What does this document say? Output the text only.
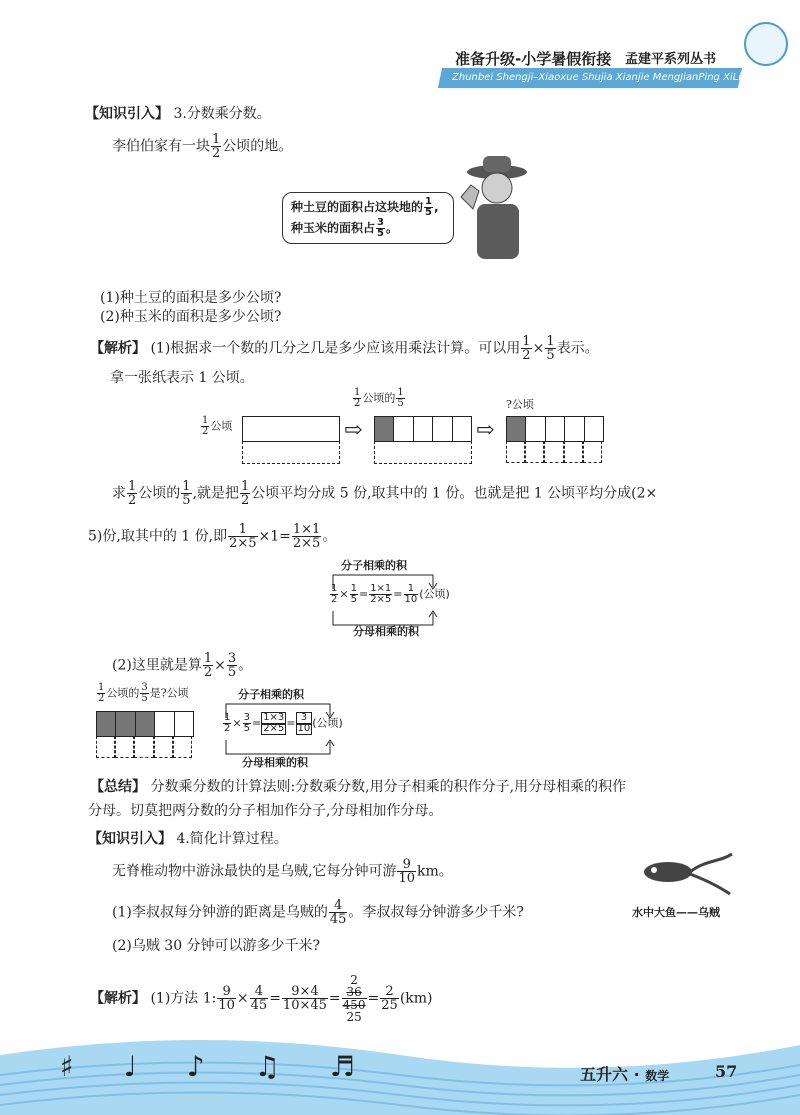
准备升级-小学暑假衔接 孟建平系列丛书
Zhunbei Shengji–Xiaoxue Shujia Xianjie MengJianPing XiLie Congshu
【知识引入】 3.分数乘分数。
李伯伯家有一块 $\frac{1}{2}$ 公顷的地。
种土豆的面积占这块地的 $\frac{1}{5}$ ,
种玉米的面积占 $\frac{3}{5}$ 。
(1)种土豆的面积是多少公顷?
(2)种玉米的面积是多少公顷?
【解析】 (1)根据求一个数的几分之几是多少应该用乘法计算。可以用 $\frac{1}{2} \times \frac{1}{5}$ 表示。
拿一张纸表示 1 公顷。
$\frac{1}{2}$ 公顷	⇨
$\frac{1}{2}$ 公顷的 $\frac{1}{5}$
⇨
?公顷
求 $\frac{1}{2}$ 公顷的 $\frac{1}{5}$ ,就是把 $\frac{1}{2}$ 公顷平均分成 5 份,取其中的 1 份。也就是把 1 公顷平均分成(2×
5)份,取其中的 1 份,即 $\frac{1}{2\times 5} \times 1= \frac{1\times 1}{2\times 5}$ 。
分子相乘的积
$\frac{1}{2} \times \frac{1}{5} = \frac{1\times 1}{2\times 5} = \frac{1}{10}$ (公顷)
分母相乘的积
(2)这里就是算 $\frac{1}{2} \times \frac{3}{5}$ 。
$\frac{1}{2}$ 公顷的 $\frac{3}{5}$ 是?公顷	分子相乘的积
$\frac{1}{2} \times \frac{3}{5} = \frac{1\times 3}{2\times 5} = \frac{3}{10}$ (公顷)
分母相乘的积
【总结】 分数乘分数的计算法则:分数乘分数,用分子相乘的积作分子,用分母相乘的积作
分母。切莫把两分数的分子相加作分子,分母相加作分母。
【知识引入】 4.简化计算过程。
无脊椎动物中游泳最快的是乌贼,它每分钟可游 $\frac{9}{10}$ km。
(1)李叔叔每分钟游的距离是乌贼的 $\frac{4}{45}$ 。李叔叔每分钟游多少千米?
(2)乌贼 30 分钟可以游多少千米?
水中大鱼——乌贼
【解析】 (1)方法 1: $\frac{9}{10} \times \frac{4}{45} = \frac{9\times 4}{10\times 45}$ =
2
36
450
25
= $\frac{2}{25} (km)$
♯♩♪♫♬	五升六 · 数学	57
